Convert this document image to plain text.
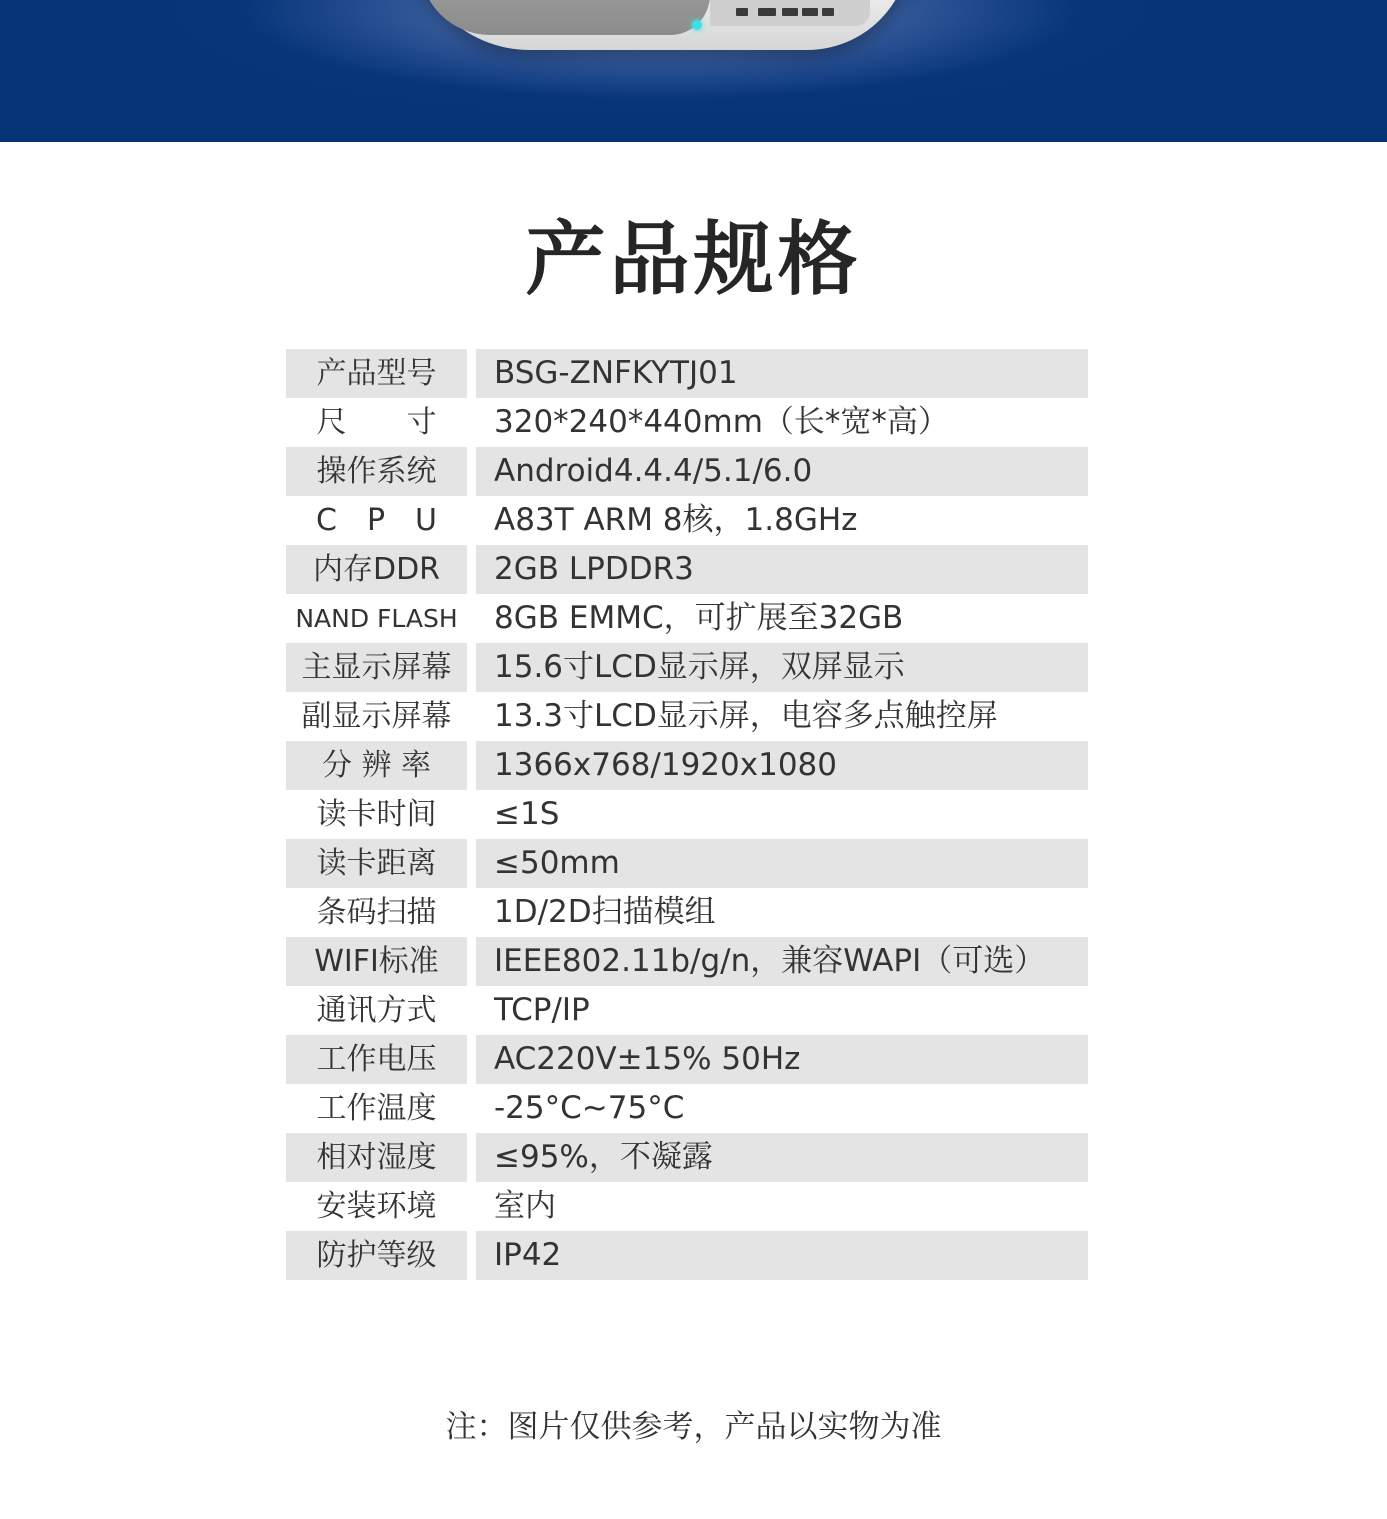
产品规格
产品型号	BSG-ZNFKYTJ01
尺　　寸	320*240*440mm（长*宽*高）
操作系统	Android4.4.4/5.1/6.0
C　P　U	A83T ARM 8核，1.8GHz
内存DDR	2GB LPDDR3
NAND FLASH	8GB EMMC，可扩展至32GB
主显示屏幕	15.6寸LCD显示屏，双屏显示
副显示屏幕	13.3寸LCD显示屏，电容多点触控屏
分 辨 率	1366x768/1920x1080
读卡时间	≤1S
读卡距离	≤50mm
条码扫描	1D/2D扫描模组
WIFI标准	IEEE802.11b/g/n，兼容WAPI（可选）
通讯方式	TCP/IP
工作电压	AC220V±15% 50Hz
工作温度	-25°C~75°C
相对湿度	≤95%，不凝露
安装环境	室内
防护等级	IP42
注：图片仅供参考，产品以实物为准
